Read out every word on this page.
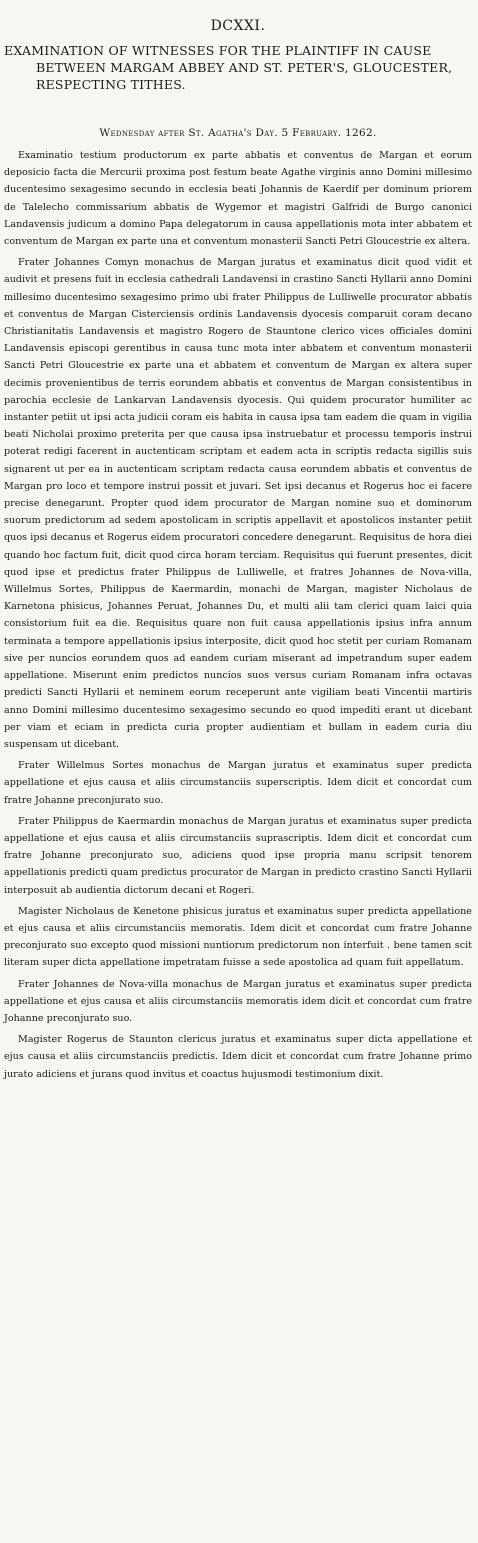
DCXXI.
EXAMINATION OF WITNESSES FOR THE PLAINTIFF IN CAUSE BETWEEN MARGAM ABBEY AND ST. PETER'S, GLOUCESTER, RESPECTING TITHES.
Wednesday after St. Agatha's Day. 5 February. 1262.

Examinatio testium productorum ex parte abbatis et conventus de Margan et eorum deposicio facta die Mercurii proxima post festum beate Agathe virginis anno Domini millesimo ducentesimo sexagesimo secundo in ecclesia beati Johannis de Kaerdif per dominum priorem de Talelecho commissarium abbatis de Wygemor et magistri Galfridi de Burgo canonici Landavensis judicum a domino Papa delegatorum in causa appellationis mota inter abbatem et conventum de Margan ex parte una et conventum monasterii Sancti Petri Gloucestrie ex altera.

Frater Johannes Comyn monachus de Margan juratus et examinatus dicit quod vidit et audivit et presens fuit in ecclesia cathedrali Landavensi in crastino Sancti Hyllarii anno Domini millesimo ducentesimo sexagesimo primo ubi frater Philippus de Lulliwelle procurator abbatis et conventus de Margan Cisterciensis ordinis Landavensis dyocesis comparuit coram decano Christianitatis Landavensis et magistro Rogero de Stauntone clerico vices officiales domini Landavensis episcopi gerentibus in causa tunc mota inter abbatem et conventum monasterii Sancti Petri Gloucestrie ex parte una et abbatem et conventum de Margan ex altera super decimis provenientibus de terris eorundem abbatis et conventus de Margan consistentibus in parochia ecclesie de Lankarvan Landavensis dyocesis. Qui quidem procurator humiliter ac instanter petiit ut ipsi acta judicii coram eis habita in causa ipsa tam eadem die quam in vigilia beati Nicholai proximo preterita per que causa ipsa instruebatur et processu temporis instrui poterat redigi facerent in auctenticam scriptam et eadem acta in scriptis redacta sigillis suis signarent ut per ea in auctenticam scriptam redacta causa eorundem abbatis et conventus de Margan pro loco et tempore instrui possit et juvari. Set ipsi decanus et Rogerus hoc ei facere precise denegarunt. Propter quod idem procurator de Margan nomine suo et dominorum suorum predictorum ad sedem apostolicam in scriptis appellavit et apostolicos instanter petiit quos ipsi decanus et Rogerus eidem procuratori concedere denegarunt. Requisitus de hora diei quando hoc factum fuit, dicit quod circa horam terciam. Requisitus qui fuerunt presentes, dicit quod ipse et predictus frater Philippus de Lulliwelle, et fratres Johannes de Nova-villa, Willelmus Sortes, Philippus de Kaermardin, monachi de Margan, magister Nicholaus de Karnetona phisicus, Johannes Peruat, Johannes Du, et multi alii tam clerici quam laici quia consistorium fuit ea die. Requisitus quare non fuit causa appellationis ipsius infra annum terminata a tempore appellationis ipsius interposite, dicit quod hoc stetit per curiam Romanam sive per nuncios eorundem quos ad eandem curiam miserant ad impetrandum super eadem appellatione. Miserunt enim predictos nuncios suos versus curiam Romanam infra octavas predicti Sancti Hyllarii et neminem eorum receperunt ante vigiliam beati Vincentii martiris anno Domini millesimo ducentesimo sexagesimo secundo eo quod impediti erant ut dicebant per viam et eciam in predicta curia propter audientiam et bullam in eadem curia diu suspensam ut dicebant.

Frater Willelmus Sortes monachus de Margan juratus et examinatus super predicta appellatione et ejus causa et aliis circumstanciis superscriptis. Idem dicit et concordat cum fratre Johanne preconjurato suo.

Frater Philippus de Kaermardin monachus de Margan juratus et examinatus super predicta appellatione et ejus causa et aliis circumstanciis suprascriptis. Idem dicit et concordat cum fratre Johanne preconjurato suo, adiciens quod ipse propria manu scripsit tenorem appellationis predicti quam predictus procurator de Margan in predicto crastino Sancti Hyllarii interposuit ab audientia dictorum decani et Rogeri.

Magister Nicholaus de Kenetone phisicus juratus et examinatus super predicta appellatione et ejus causa et aliis circumstanciis memoratis. Idem dicit et concordat cum fratre Johanne preconjurato suo excepto quod missioni nuntiorum predictorum non interfuit . bene tamen scit literam super dicta appellatione impetratam fuisse a sede apostolica ad quam fuit appellatum.

Frater Johannes de Nova-villa monachus de Margan juratus et examinatus super predicta appellatione et ejus causa et aliis circumstanciis memoratis idem dicit et concordat cum fratre Johanne preconjurato suo.

Magister Rogerus de Staunton clericus juratus et examinatus super dicta appellatione et ejus causa et aliis circumstanciis predictis. Idem dicit et concordat cum fratre Johanne primo jurato adiciens et jurans quod invitus et coactus hujusmodi testimonium dixit.
